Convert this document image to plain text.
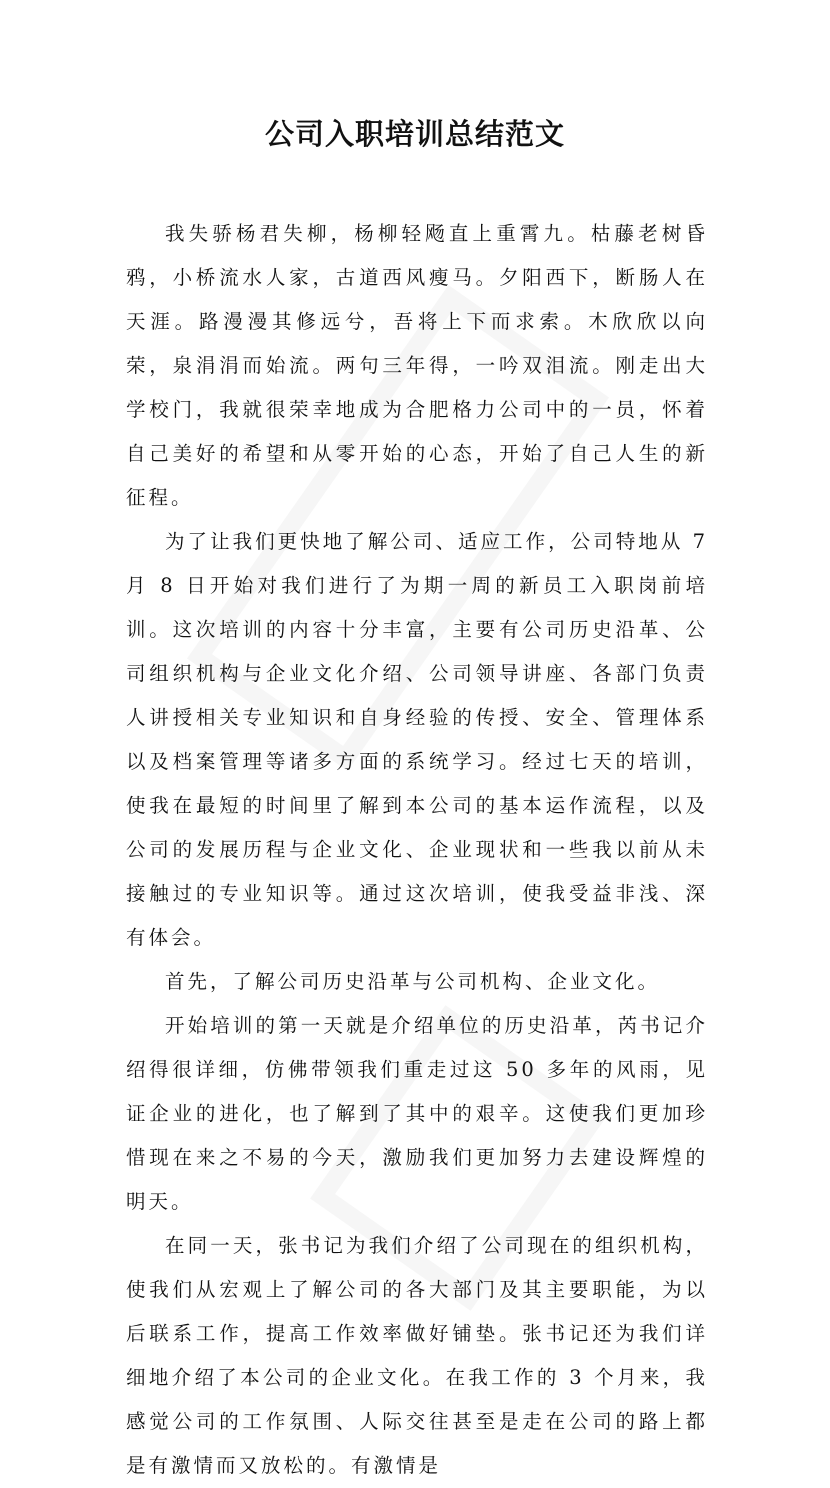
公司入职培训总结范文

我失骄杨君失柳，杨柳轻飏直上重霄九。枯藤老树昏鸦，小桥流水人家，古道西风瘦马。夕阳西下，断肠人在天涯。路漫漫其修远兮，吾将上下而求索。木欣欣以向荣，泉涓涓而始流。两句三年得，一吟双泪流。刚走出大学校门，我就很荣幸地成为合肥格力公司中的一员，怀着自己美好的希望和从零开始的心态，开始了自己人生的新征程。

为了让我们更快地了解公司、适应工作，公司特地从 7 月 8 日开始对我们进行了为期一周的新员工入职岗前培训。这次培训的内容十分丰富，主要有公司历史沿革、公司组织机构与企业文化介绍、公司领导讲座、各部门负责人讲授相关专业知识和自身经验的传授、安全、管理体系以及档案管理等诸多方面的系统学习。经过七天的培训，使我在最短的时间里了解到本公司的基本运作流程，以及公司的发展历程与企业文化、企业现状和一些我以前从未接触过的专业知识等。通过这次培训，使我受益非浅、深有体会。

首先，了解公司历史沿革与公司机构、企业文化。

开始培训的第一天就是介绍单位的历史沿革，芮书记介绍得很详细，仿佛带领我们重走过这 50 多年的风雨，见证企业的进化，也了解到了其中的艰辛。这使我们更加珍惜现在来之不易的今天，激励我们更加努力去建设辉煌的明天。

在同一天，张书记为我们介绍了公司现在的组织机构，使我们从宏观上了解公司的各大部门及其主要职能，为以后联系工作，提高工作效率做好铺垫。张书记还为我们详细地介绍了本公司的企业文化。在我工作的 3 个月来，我感觉公司的工作氛围、人际交往甚至是走在公司的路上都是有激情而又放松的。有激情是
